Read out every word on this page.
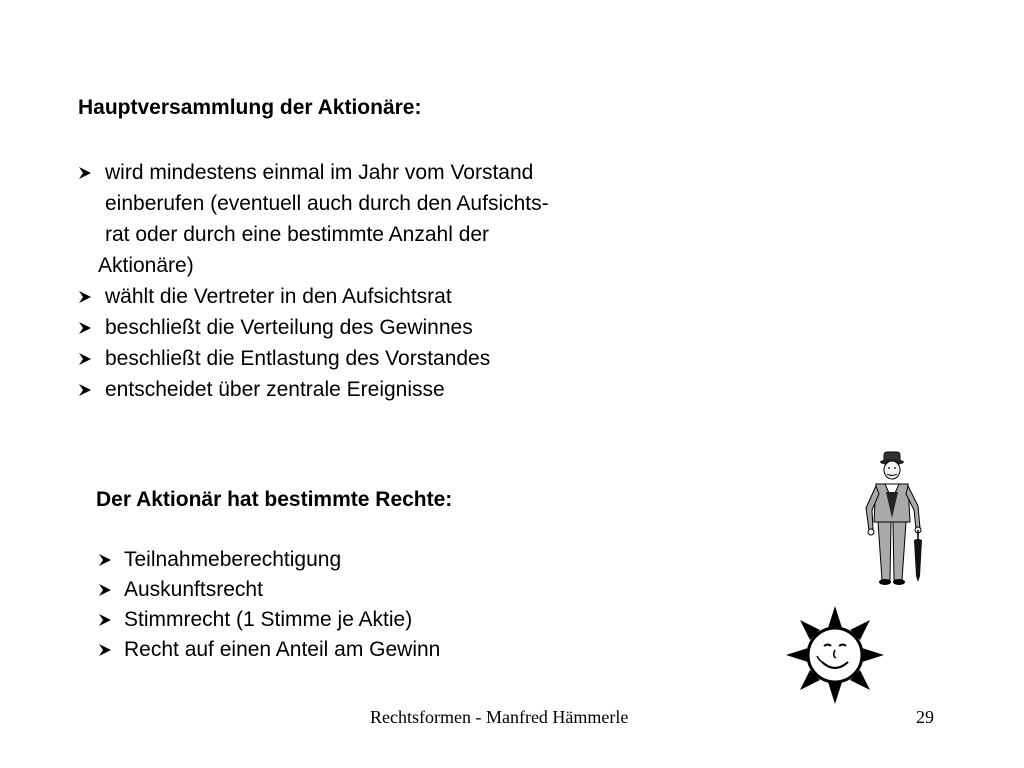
Hauptversammlung der Aktionäre:
wird mindestens einmal im Jahr vom Vorstand
einberufen (eventuell auch durch den Aufsichts-
rat oder durch eine bestimmte Anzahl der
Aktionäre)
wählt die Vertreter in den Aufsichtsrat
beschließt die Verteilung des Gewinnes
beschließt die Entlastung des Vorstandes
entscheidet über zentrale Ereignisse
Der Aktionär hat bestimmte Rechte:
Teilnahmeberechtigung
Auskunftsrecht
Stimmrecht (1 Stimme je Aktie)
Recht auf einen Anteil am Gewinn
Rechtsformen - Manfred Hämmerle	29
